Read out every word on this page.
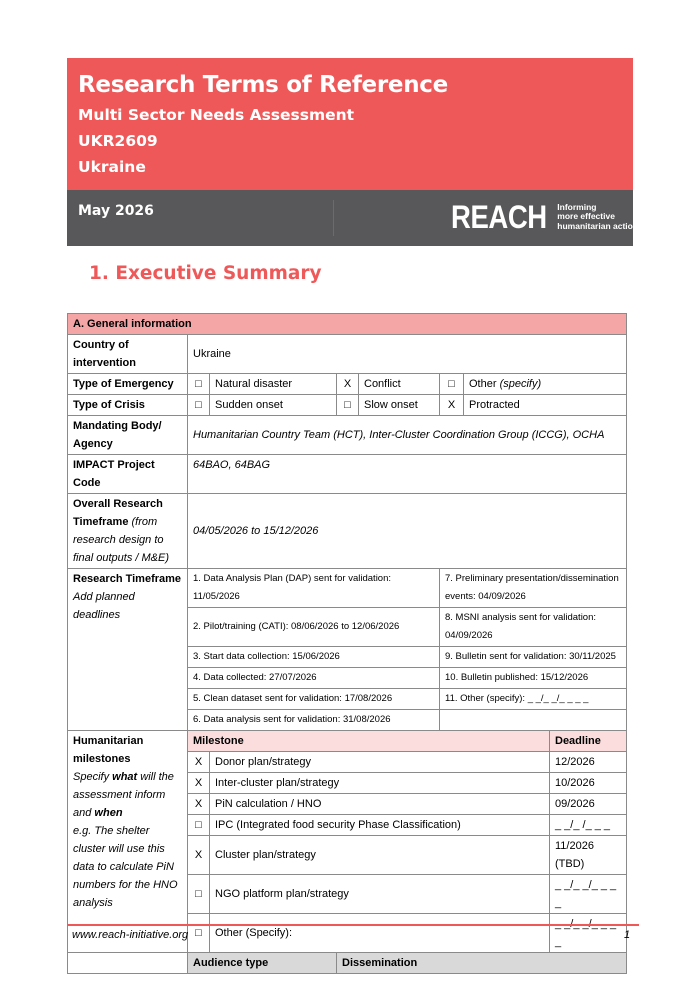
Research Terms of Reference
Multi Sector Needs Assessment
UKR2609
Ukraine
May 2026	REACH Informing
more effective
humanitarian action
1. Executive Summary
A. General information							
Country of intervention	Ukraine						
Type of Emergency	□	Natural disaster	X	Conflict	□	Other (specify)	
Type of Crisis	□	Sudden onset	□	Slow onset	X	Protracted	
Mandating Body/ Agency	Humanitarian Country Team (HCT), Inter-Cluster Coordination Group (ICCG), OCHA						
IMPACT Project Code	64BAO, 64BAG						
Overall Research Timeframe (from research design to final outputs / M&E)	04/05/2026 to 15/12/2026						

Research Timeframe
Add planned deadlines	1. Data Analysis Plan (DAP) sent for validation: 11/05/2026				7. Preliminary presentation/dissemination events: 04/09/2026		
	2. Pilot/training (CATI): 08/06/2026 to 12/06/2026				8. MSNI analysis sent for validation: 04/09/2026		
	3. Start data collection: 15/06/2026				9. Bulletin sent for validation: 30/11/2025		
	4. Data collected: 27/07/2026				10. Bulletin published: 15/12/2026		
	5. Clean dataset sent for validation: 17/08/2026				11. Other (specify): _ _/_ _/_ _ _ _		
	6. Data analysis sent for validation: 31/08/2026						

Humanitarian milestones
Specify what will the assessment inform and when
e.g. The shelter cluster will use this data to calculate PiN numbers for the HNO analysis	Milestone						Deadline
	X	Donor plan/strategy					12/2026
	X	Inter-cluster plan/strategy					10/2026
	X	PiN calculation / HNO					09/2026
	□	IPC (Integrated food security Phase Classification)					_ _/_ /_ _ _
	X	Cluster plan/strategy					11/2026 (TBD)
	□	NGO platform plan/strategy					_ _/_ _/_ _ _ _
	□	Other (Specify):					_
	Audience type		Dissemination				
www.reach-initiative.org	1
